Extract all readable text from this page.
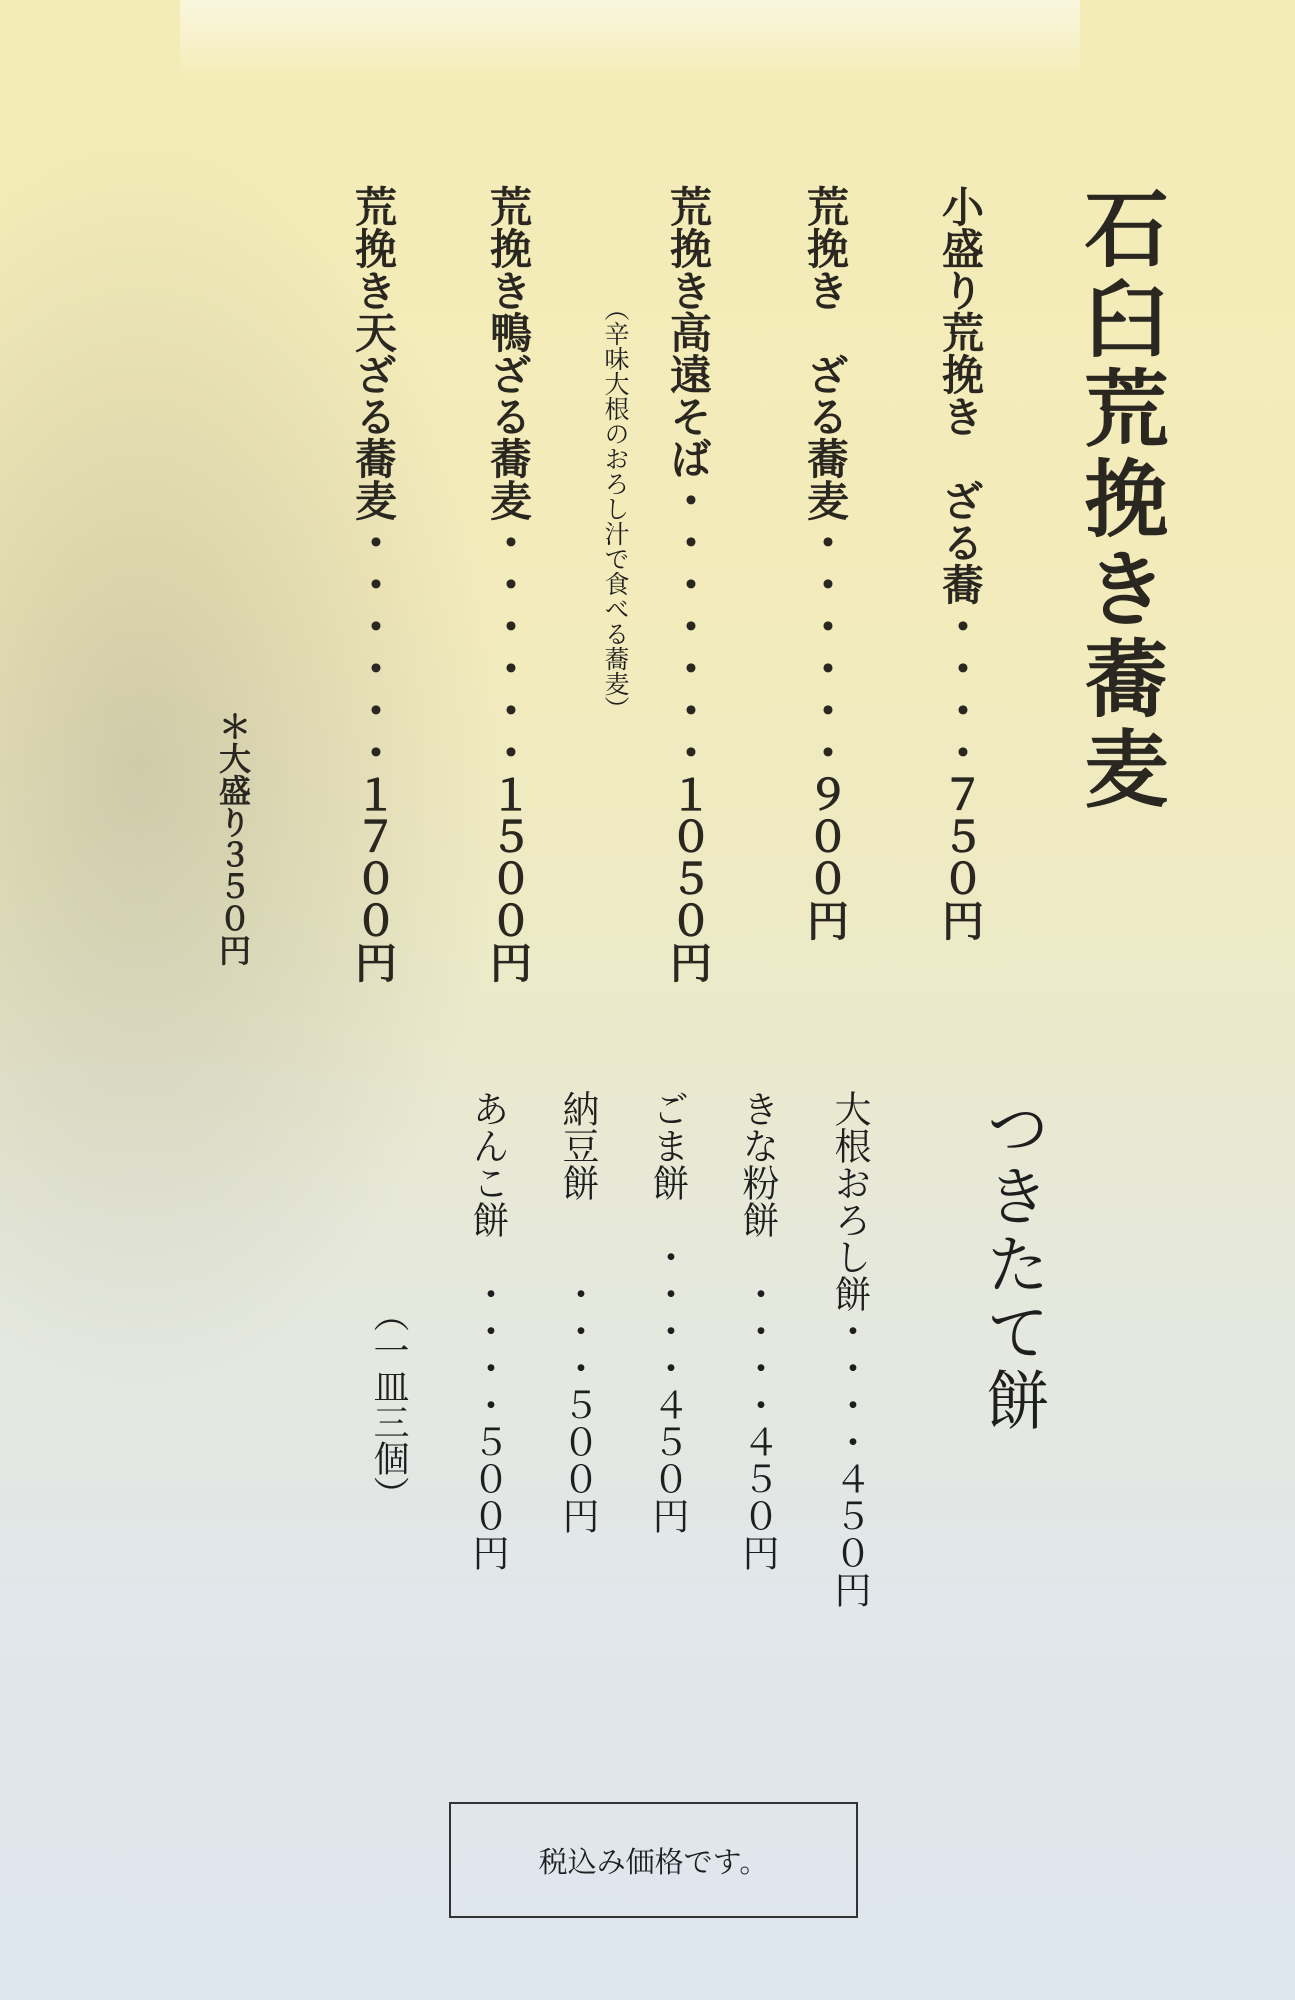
石臼荒挽き蕎麦
小盛り荒挽き　ざる蕎・・・・７５０円
荒挽き　ざる蕎麦・・・・・・９００円
荒挽き高遠そば・・・・・・・１０５０円
（辛味大根のおろし汁で食べる蕎麦）
荒挽き鴨ざる蕎麦・・・・・・１５００円
荒挽き天ざる蕎麦・・・・・・１７００円
＊大盛り３５０円
つきたて餅
大根おろし餅・・・・４５０円
きな粉餅　・・・・４５０円
ごま餅　・・・・４５０円
納豆餅　　・・・５００円
あんこ餅　・・・・５００円
（一皿三個）
税込み価格です。
